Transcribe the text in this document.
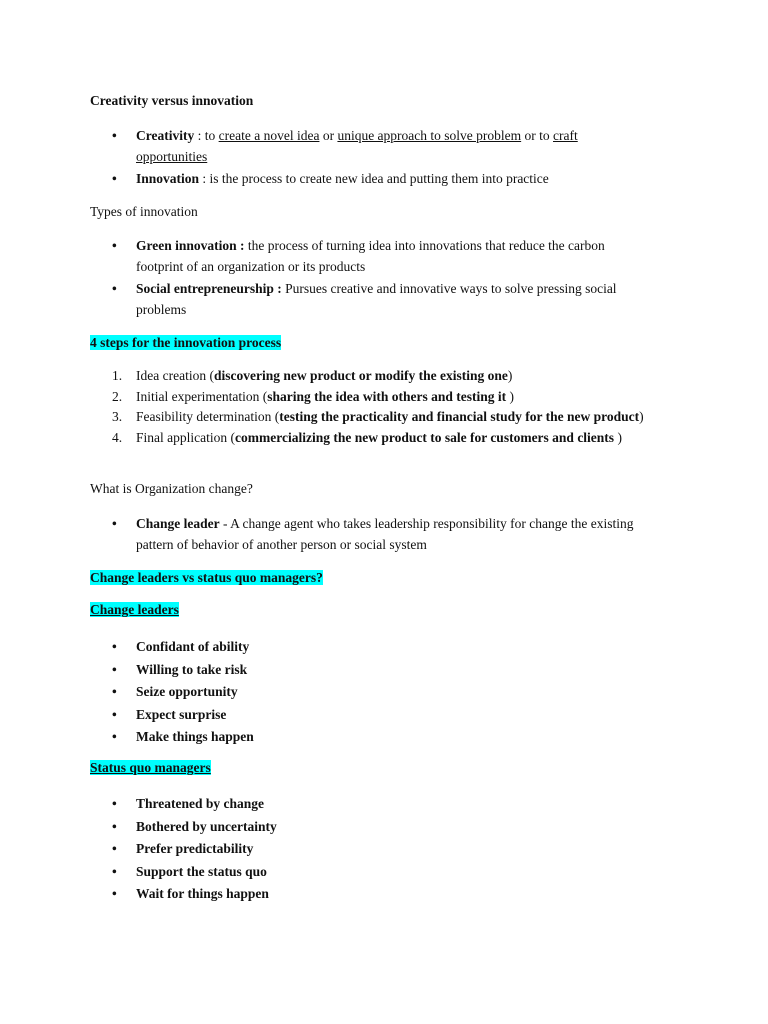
Creativity versus innovation

• Creativity : to create a novel idea or unique approach to solve problem or to craft opportunities
• Innovation : is the process to create new idea and putting them into practice

Types of innovation

• Green innovation : the process of turning idea into innovations that reduce the carbon footprint of an organization or its products
• Social entrepreneurship : Pursues creative and innovative ways to solve pressing social problems

4 steps for the innovation process

1. Idea creation (discovering new product or modify the existing one)
2. Initial experimentation (sharing the idea with others and testing it )
3. Feasibility determination (testing the practicality and financial study for the new product)
4. Final application (commercializing the new product to sale for customers and clients )

What is Organization change?

• Change leader - A change agent who takes leadership responsibility for change the existing pattern of behavior of another person or social system

Change leaders vs status quo managers?

Change leaders

• Confidant of ability
• Willing to take risk
• Seize opportunity
• Expect surprise
• Make things happen

Status quo managers

• Threatened by change
• Bothered by uncertainty
• Prefer predictability
• Support the status quo
• Wait for things happen
